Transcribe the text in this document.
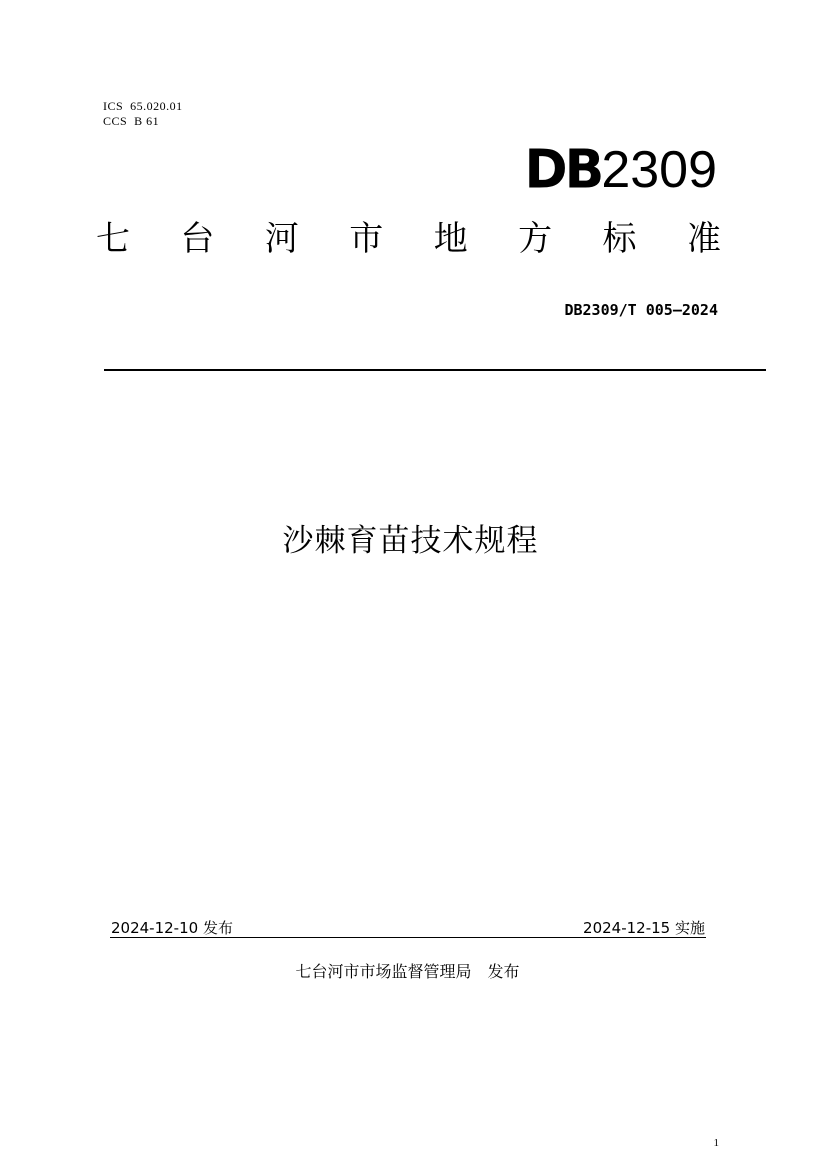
ICS  65.020.01
CCS  B 61
DB 2309
七 台 河 市 地 方 标 准
DB2309/T 005—2024
沙棘育苗技术规程
2024-12-10 发布	2024-12-15 实施
七台河市市场监督管理局 发布
1
